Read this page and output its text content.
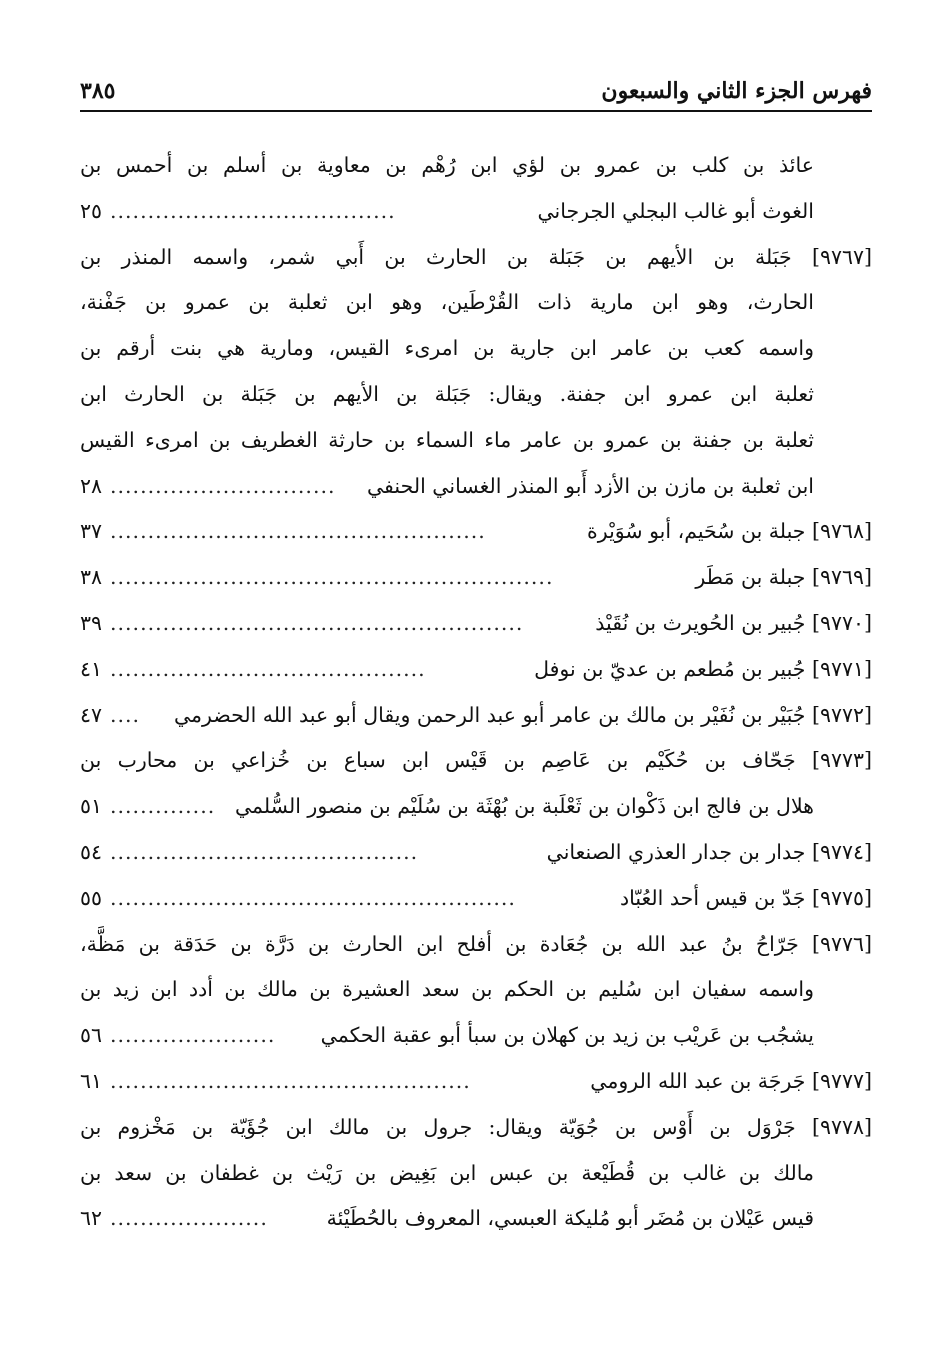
فهرس الجزء الثاني والسبعون
٣٨٥
عائذ بن كلب بن عمرو بن لؤي ابن رُهْم بن معاوية بن أسلم بن أحمس بن
الغوث أبو غالب البجلي الجرجاني
......................................
٢٥
[٩٧٦٧] جَبَلة بن الأيهم بن جَبَلة بن الحارث بن أَبي شمر، واسمه المنذر بن
الحارث، وهو ابن مارية ذات القُرْطَين، وهو ابن ثعلبة بن عمرو بن جَفْنة،
واسمه كعب بن عامر ابن جارية بن امرىء القيس، ومارية هي بنت أرقم بن
ثعلبة ابن عمرو ابن جفنة. ويقال: جَبَلة بن الأيهم بن جَبَلة بن الحارث ابن
ثعلبة بن جفنة بن عمرو بن عامر ماء السماء بن حارثة الغطريف بن امرىء القيس
ابن ثعلبة بن مازن بن الأزد أَبو المنذر الغساني الحنفي
..............................
٢٨
[٩٧٦٨] جبلة بن سُحَيم، أبو سُوَيْرة
..................................................
٣٧
[٩٧٦٩] جبلة بن مَطَر
...........................................................
٣٨
[٩٧٧٠] جُبير بن الحُويرث بن نُقَيْذ
.......................................................
٣٩
[٩٧٧١] جُبير بن مُطعم بن عديّ بن نوفل
..........................................
٤١
[٩٧٧٢] جُبَيْر بن نُفَيْر بن مالك بن عامر أبو عبد الرحمن ويقال أبو عبد الله الحضرمي
....
٤٧
[٩٧٧٣] جَحّاف بن حُكَيْم بن عَاصِم بن قَيْس ابن سباع بن خُزاعي بن محارب بن
هلال بن فالج ابن ذَكْوان بن ثَعْلَبة بن بُهْثَة بن سُلَيْم بن منصور السُّلمي
..............
٥١
[٩٧٧٤] جدار بن جدار العذري الصنعاني
.........................................
٥٤
[٩٧٧٥] جَدّ بن قيس أحد العُبّاد
......................................................
٥٥
[٩٧٧٦] جَرّاحُ بنُ عبد الله بن جُعَادة بن أفلح ابن الحارث بن دَرَّة بن حَدَقة بن مَظَّة،
واسمه سفيان ابن سُليم بن الحكم بن سعد العشيرة بن مالك بن أدد ابن زيد بن
يشجُب بن عَريْب بن زيد بن كهلان بن سبأ أبو عقبة الحكمي
......................
٥٦
[٩٧٧٧] جَرجَة بن عبد الله الرومي
................................................
٦١
[٩٧٧٨] جَرْوَل بن أَوْس بن جُوَيّة ويقال: جرول بن مالك ابن جُؤَيّة بن مَخْزوم بن
مالك بن غالب بن قُطَيْعة بن عبس ابن بَغِيض بن رَيْث بن غطفان بن سعد بن
قيس عَيْلان بن مُضَر أبو مُليكة العبسي، المعروف بالحُطَيْئة
.....................
٦٢
